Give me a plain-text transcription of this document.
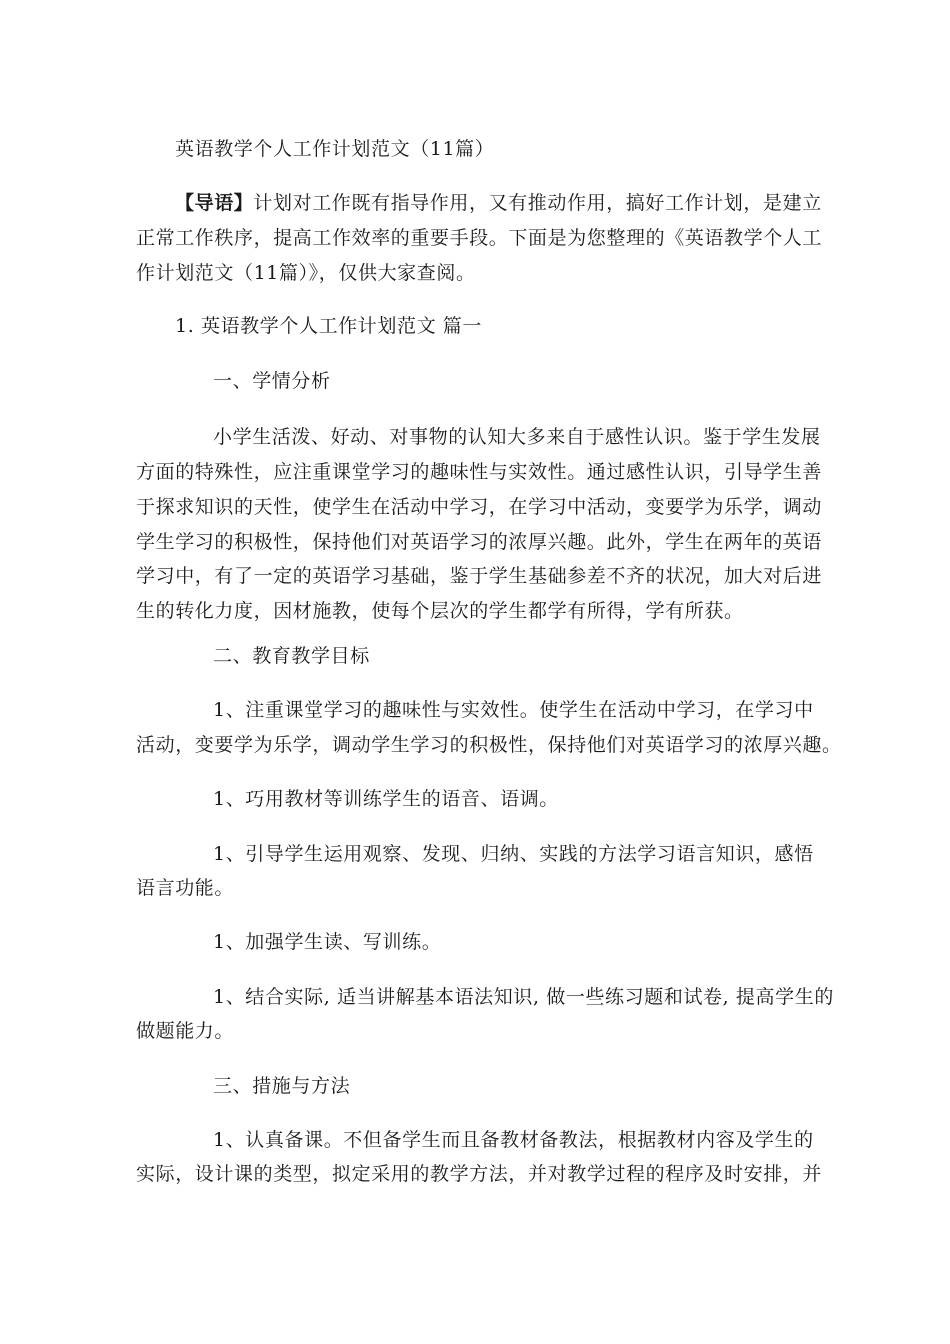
英语教学个人工作计划范文（11篇）
【导语】计划对工作既有指导作用，又有推动作用，搞好工作计划，是建立
正常工作秩序，提高工作效率的重要手段。下面是为您整理的《英语教学个人工
作计划范文（11篇）》，仅供大家查阅。
1. 英语教学个人工作计划范文 篇一
一、学情分析
小学生活泼、好动、对事物的认知大多来自于感性认识。鉴于学生发展
方面的特殊性，应注重课堂学习的趣味性与实效性。通过感性认识，引导学生善
于探求知识的天性，使学生在活动中学习，在学习中活动，变要学为乐学，调动
学生学习的积极性，保持他们对英语学习的浓厚兴趣。此外，学生在两年的英语
学习中，有了一定的英语学习基础，鉴于学生基础参差不齐的状况，加大对后进
生的转化力度，因材施教，使每个层次的学生都学有所得，学有所获。
二、教育教学目标
1、注重课堂学习的趣味性与实效性。使学生在活动中学习，在学习中
活动，变要学为乐学，调动学生学习的积极性，保持他们对英语学习的浓厚兴趣。
1、巧用教材等训练学生的语音、语调。
1、引导学生运用观察、发现、归纳、实践的方法学习语言知识，感悟
语言功能。
1、加强学生读、写训练。
1、结合实际, 适当讲解基本语法知识, 做一些练习题和试卷, 提高学生的
做题能力。
三、措施与方法
1、认真备课。不但备学生而且备教材备教法，根据教材内容及学生的
实际，设计课的类型，拟定采用的教学方法，并对教学过程的程序及时安排，并
